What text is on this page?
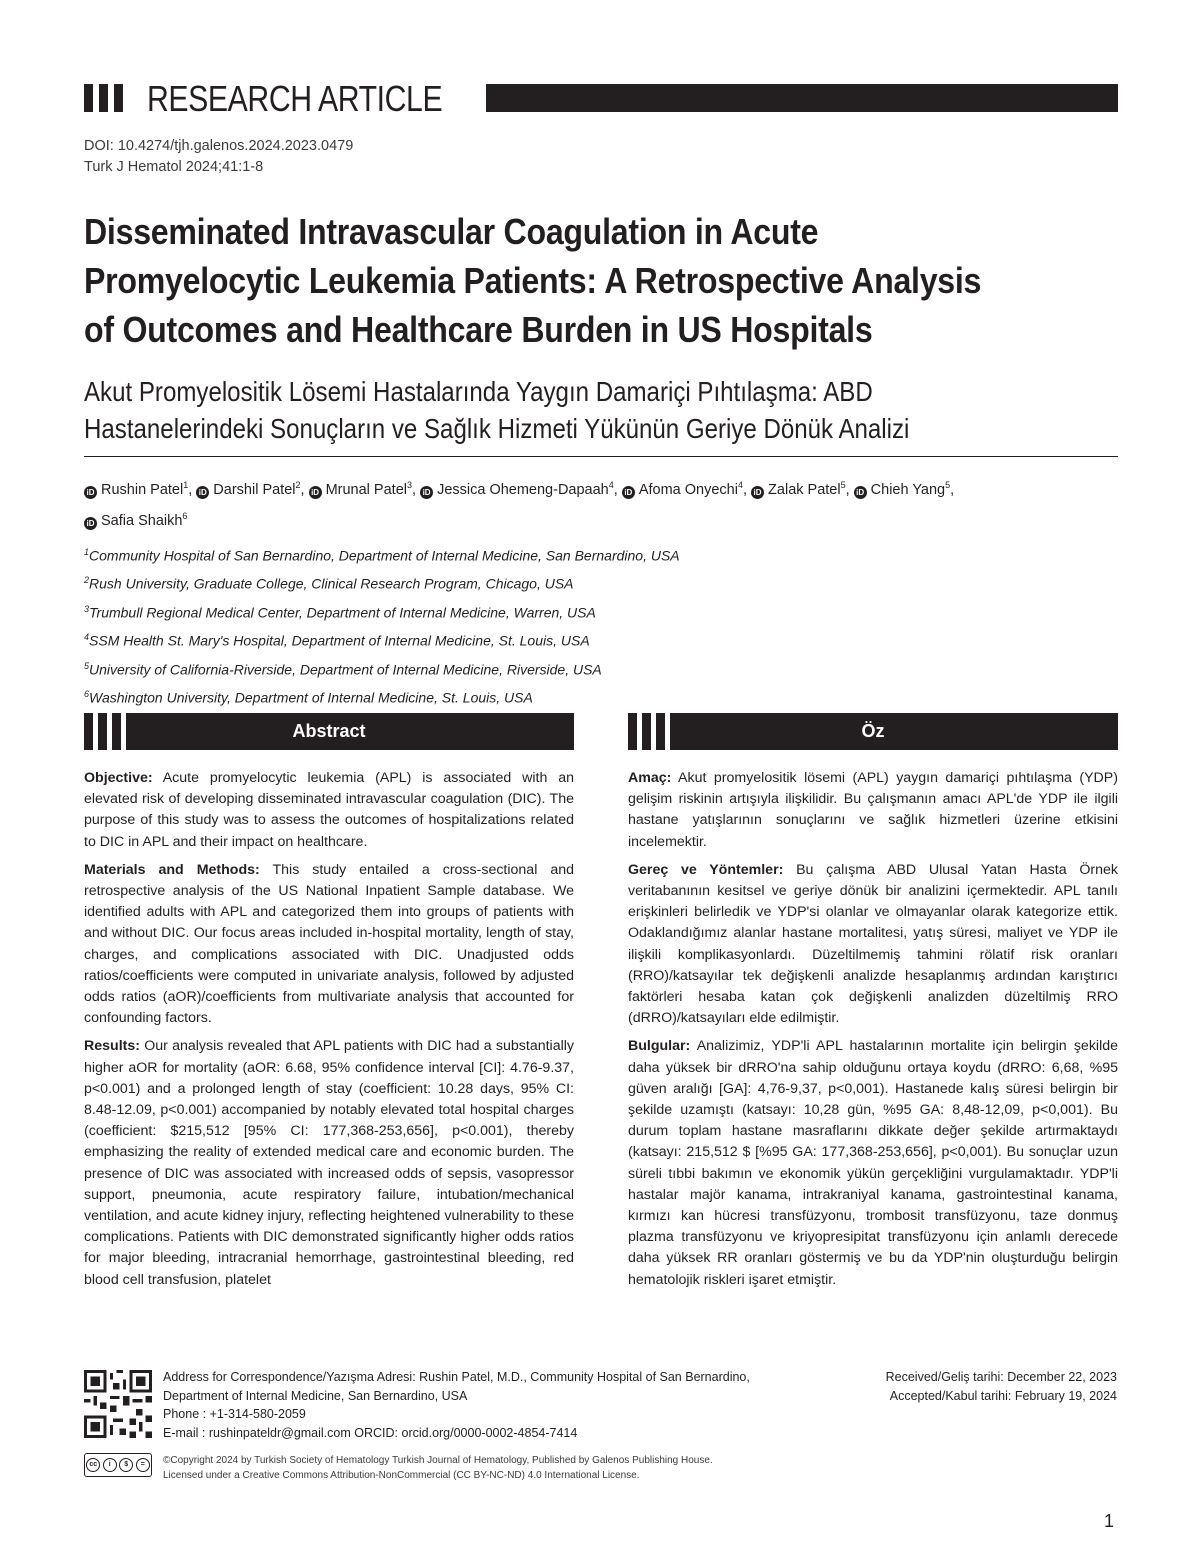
RESEARCH ARTICLE
DOI: 10.4274/tjh.galenos.2024.2023.0479
Turk J Hematol 2024;41:1-8
Disseminated Intravascular Coagulation in Acute Promyelocytic Leukemia Patients: A Retrospective Analysis of Outcomes and Healthcare Burden in US Hospitals
Akut Promyelositik Lösemi Hastalarında Yaygın Damariçi Pıhtılaşma: ABD Hastanelerindeki Sonuçların ve Sağlık Hizmeti Yükünün Geriye Dönük Analizi
iD Rushin Patel$^1$, iD Darshil Patel$^2$, iD Mrunal Patel$^3$, iD Jessica Ohemeng-Dapaah$^4$, iD Afoma Onyechi$^4$, iD Zalak Patel$^5$, iD Chieh Yang$^5$,
iD Safia Shaikh$^6$
$^1$Community Hospital of San Bernardino, Department of Internal Medicine, San Bernardino, USA
$^2$Rush University, Graduate College, Clinical Research Program, Chicago, USA
$^3$Trumbull Regional Medical Center, Department of Internal Medicine, Warren, USA
$^4$SSM Health St. Mary's Hospital, Department of Internal Medicine, St. Louis, USA
$^5$University of California-Riverside, Department of Internal Medicine, Riverside, USA
$^6$Washington University, Department of Internal Medicine, St. Louis, USA
Abstract	Öz

Objective: Acute promyelocytic leukemia (APL) is associated with an elevated risk of developing disseminated intravascular coagulation (DIC). The purpose of this study was to assess the outcomes of hospitalizations related to DIC in APL and their impact on healthcare.

Materials and Methods: This study entailed a cross-sectional and retrospective analysis of the US National Inpatient Sample database. We identified adults with APL and categorized them into groups of patients with and without DIC. Our focus areas included in-hospital mortality, length of stay, charges, and complications associated with DIC. Unadjusted odds ratios/coefficients were computed in univariate analysis, followed by adjusted odds ratios (aOR)/coefficients from multivariate analysis that accounted for confounding factors.

Results: Our analysis revealed that APL patients with DIC had a substantially higher aOR for mortality (aOR: 6.68, 95% confidence interval [CI]: 4.76-9.37, p<0.001) and a prolonged length of stay (coefficient: 10.28 days, 95% CI: 8.48-12.09, p<0.001) accompanied by notably elevated total hospital charges (coefficient: $215,512 [95% CI: 177,368-253,656], p<0.001), thereby emphasizing the reality of extended medical care and economic burden. The presence of DIC was associated with increased odds of sepsis, vasopressor support, pneumonia, acute respiratory failure, intubation/mechanical ventilation, and acute kidney injury, reflecting heightened vulnerability to these complications. Patients with DIC demonstrated significantly higher odds ratios for major bleeding, intracranial hemorrhage, gastrointestinal bleeding, red blood cell transfusion, platelet

Amaç: Akut promyelositik lösemi (APL) yaygın damariçi pıhtılaşma (YDP) gelişim riskinin artışıyla ilişkilidir. Bu çalışmanın amacı APL'de YDP ile ilgili hastane yatışlarının sonuçlarını ve sağlık hizmetleri üzerine etkisini incelemektir.

Gereç ve Yöntemler: Bu çalışma ABD Ulusal Yatan Hasta Örnek veritabanının kesitsel ve geriye dönük bir analizini içermektedir. APL tanılı erişkinleri belirledik ve YDP'si olanlar ve olmayanlar olarak kategorize ettik. Odaklandığımız alanlar hastane mortalitesi, yatış süresi, maliyet ve YDP ile ilişkili komplikasyonlardı. Düzeltilmemiş tahmini rölatif risk oranları (RRO)/katsayılar tek değişkenli analizde hesaplanmış ardından karıştırıcı faktörleri hesaba katan çok değişkenli analizden düzeltilmiş RRO (dRRO)/katsayıları elde edilmiştir.

Bulgular: Analizimiz, YDP'li APL hastalarının mortalite için belirgin şekilde daha yüksek bir dRRO'na sahip olduğunu ortaya koydu (dRRO: 6,68, %95 güven aralığı [GA]: 4,76-9,37, p<0,001). Hastanede kalış süresi belirgin bir şekilde uzamıştı (katsayı: 10,28 gün, %95 GA: 8,48-12,09, p<0,001). Bu durum toplam hastane masraflarını dikkate değer şekilde artırmaktaydı (katsayı: 215,512 $ [%95 GA: 177,368-253,656], p<0,001). Bu sonuçlar uzun süreli tıbbi bakımın ve ekonomik yükün gerçekliğini vurgulamaktadır. YDP'li hastalar majör kanama, intrakraniyal kanama, gastrointestinal kanama, kırmızı kan hücresi transfüzyonu, trombosit transfüzyonu, taze donmuş plazma transfüzyonu ve kriyopresipitat transfüzyonu için anlamlı derecede daha yüksek RR oranları göstermiş ve bu da YDP'nin oluşturduğu belirgin hematolojik riskleri işaret etmiştir.

cc	i	$	=
Address for Correspondence/Yazışma Adresi: Rushin Patel, M.D., Community Hospital of San Bernardino,
Department of Internal Medicine, San Bernardino, USA
Phone : +1-314-580-2059
E-mail : rushinpateldr@gmail.com ORCID: orcid.org/0000-0002-4854-7414
Received/Geliş tarihi: December 22, 2023
Accepted/Kabul tarihi: February 19, 2024
©Copyright 2024 by Turkish Society of Hematology Turkish Journal of Hematology, Published by Galenos Publishing House.
Licensed under a Creative Commons Attribution-NonCommercial (CC BY-NC-ND) 4.0 International License.
1
